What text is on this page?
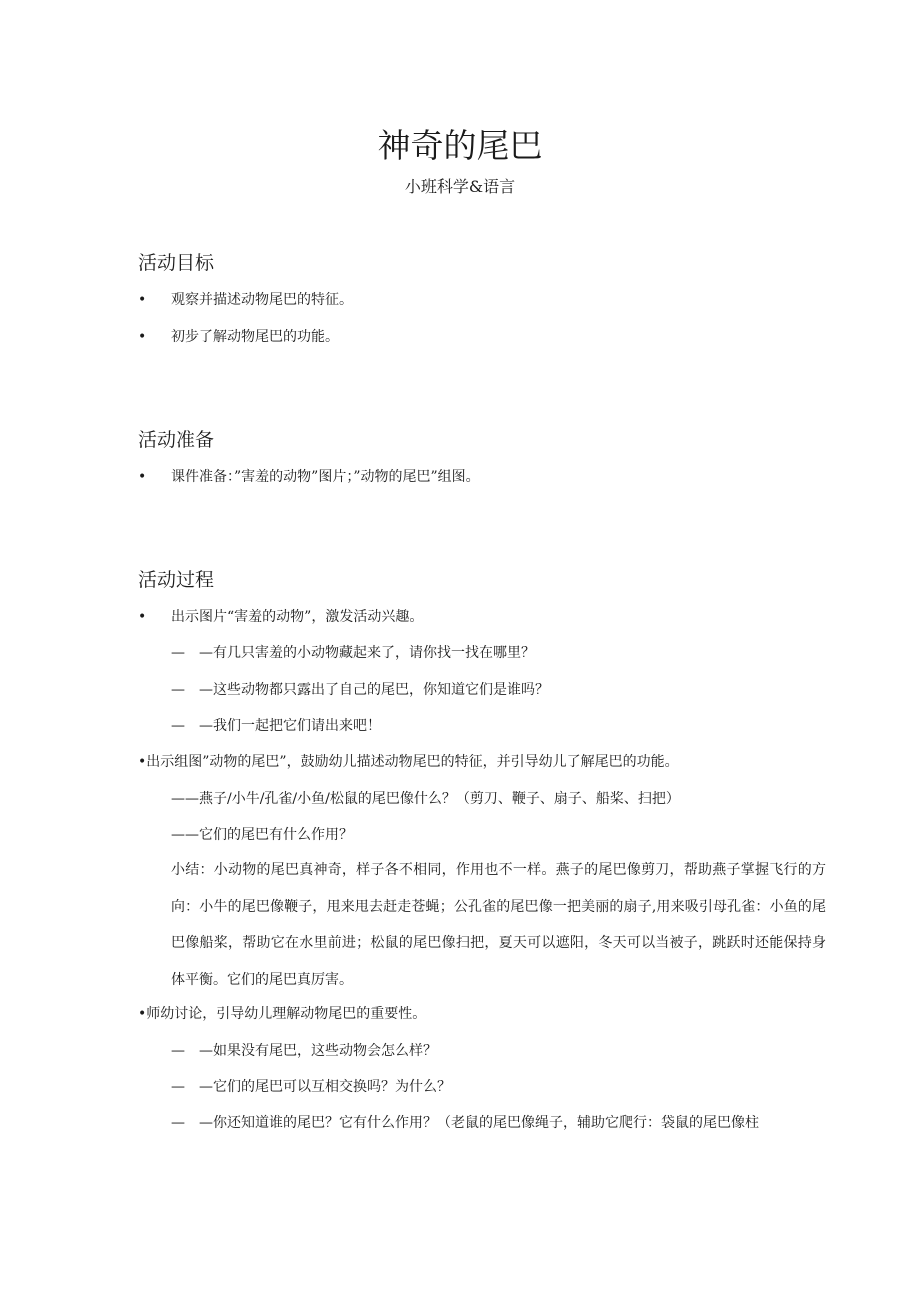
神奇的尾巴

小班科学&语言

活动目标
• 观察并描述动物尾巴的特征。
• 初步了解动物尾巴的功能。
活动准备
• 课件准备：”害羞的动物”图片；”动物的尾巴”组图。
活动过程
• 出示图片“害羞的动物”，激发活动兴趣。
— —有几只害羞的小动物藏起来了，请你找一找在哪里？
— —这些动物都只露出了自己的尾巴，你知道它们是谁吗？
— —我们一起把它们请出来吧！
•出示组图”动物的尾巴”，鼓励幼儿描述动物尾巴的特征，并引导幼儿了解尾巴的功能。
——燕子/小牛/孔雀/小鱼/松鼠的尾巴像什么？（剪刀、鞭子、扇子、船桨、扫把）
——它们的尾巴有什么作用？
小结：小动物的尾巴真神奇，样子各不相同，作用也不一样。燕子的尾巴像剪刀，帮助燕子掌握飞行的方向：小牛的尾巴像鞭子，甩来甩去赶走苍蝇；公孔雀的尾巴像一把美丽的扇子,用来吸引母孔雀：小鱼的尾巴像船桨，帮助它在水里前进；松鼠的尾巴像扫把，夏天可以遮阳，冬天可以当被子，跳跃时还能保持身体平衡。它们的尾巴真厉害。
•师幼讨论，引导幼儿理解动物尾巴的重要性。
— —如果没有尾巴，这些动物会怎么样？
— —它们的尾巴可以互相交换吗？为什么？
— —你还知道谁的尾巴？它有什么作用？（老鼠的尾巴像绳子，辅助它爬行：袋鼠的尾巴像柱
